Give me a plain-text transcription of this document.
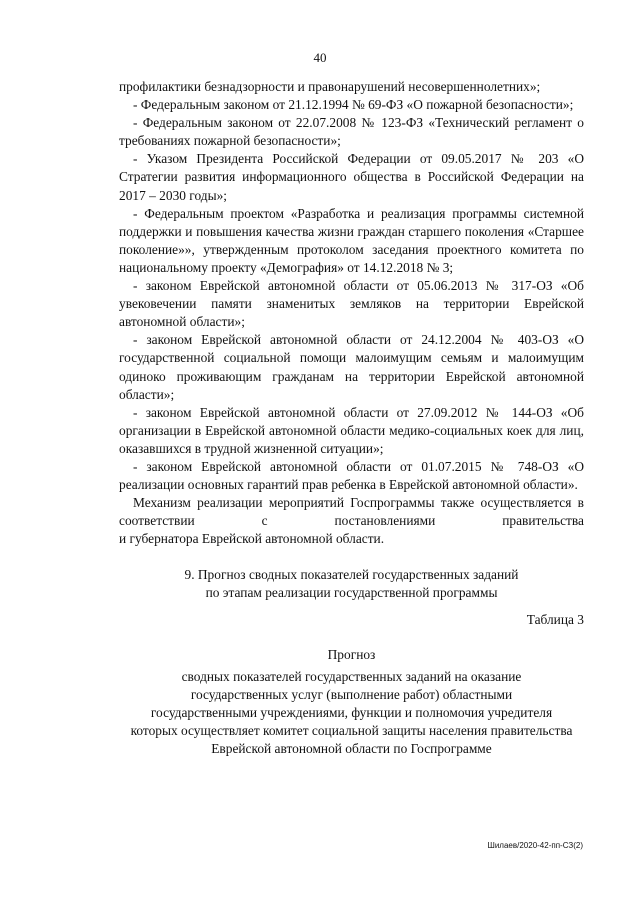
40

профилактики безнадзорности и правонарушений несовершеннолетних»;

- Федеральным законом от 21.12.1994 № 69-ФЗ «О пожарной безопасности»;

- Федеральным законом от 22.07.2008 № 123-ФЗ «Технический регламент о требованиях пожарной безопасности»;

- Указом Президента Российской Федерации от 09.05.2017 № 203 «О Стратегии развития информационного общества в Российской Федерации на 2017 – 2030 годы»;

- Федеральным проектом «Разработка и реализация программы системной поддержки и повышения качества жизни граждан старшего поколения «Старшее поколение»», утвержденным протоколом заседания проектного комитета по национальному проекту «Демография» от 14.12.2018 № 3;

- законом Еврейской автономной области от 05.06.2013 № 317-ОЗ «Об увековечении памяти знаменитых земляков на территории Еврейской автономной области»;

- законом Еврейской автономной области от 24.12.2004 № 403-ОЗ «О государственной социальной помощи малоимущим семьям и малоимущим одиноко проживающим гражданам на территории Еврейской автономной области»;

- законом Еврейской автономной области от 27.09.2012 № 144-ОЗ «Об организации в Еврейской автономной области медико-социальных коек для лиц, оказавшихся в трудной жизненной ситуации»;

- законом Еврейской автономной области от 01.07.2015 № 748-ОЗ «О реализации основных гарантий прав ребенка в Еврейской автономной области».

Механизм реализации мероприятий Госпрограммы также осуществляется в соответствии с постановлениями правительства

и губернатора Еврейской автономной области.

9. Прогноз сводных показателей государственных заданий
по этапам реализации государственной программы
Таблица 3
Прогноз
сводных показателей государственных заданий на оказание
государственных услуг (выполнение работ) областными
государственными учреждениями, функции и полномочия учредителя
которых осуществляет комитет социальной защиты населения правительства
Еврейской автономной области по Госпрограмме
Шилаев/2020-42-пп-СЗ(2)
